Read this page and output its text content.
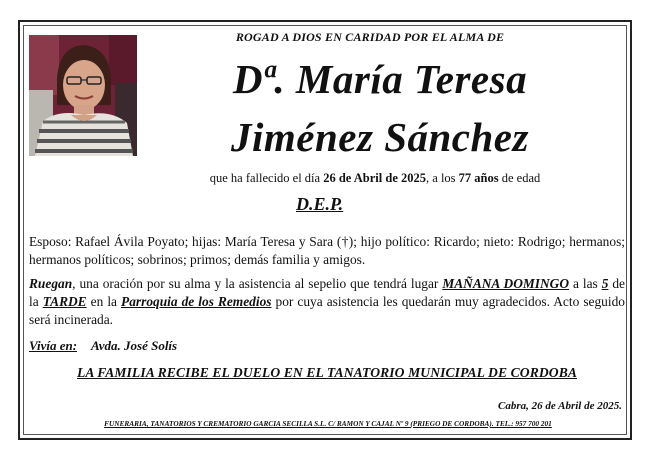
ROGAD A DIOS EN CARIDAD POR EL ALMA DE
Dª. María Teresa
Jiménez Sánchez
que ha fallecido el día 26 de Abril de 2025, a los 77 años de edad
D.E.P.
Esposo: Rafael Ávila Poyato; hijas: María Teresa y Sara (†); hijo político: Ricardo; nieto: Rodrigo; hermanos; hermanos políticos; sobrinos; primos; demás familia y amigos.
Ruegan, una oración por su alma y la asistencia al sepelio que tendrá lugar MAÑANA DOMINGO a las 5 de la TARDE en la Parroquia de los Remedios por cuya asistencia les quedarán muy agradecidos. Acto seguido será incinerada.
Vivía en: Avda. José Solís
LA FAMILIA RECIBE EL DUELO EN EL TANATORIO MUNICIPAL DE CORDOBA
Cabra, 26 de Abril de 2025.
FUNERARIA, TANATORIOS Y CREMATORIO GARCIA SECILLA S.L. C/ RAMON Y CAJAL Nº 9 (PRIEGO DE CORDOBA). TEL.: 957 700 201
